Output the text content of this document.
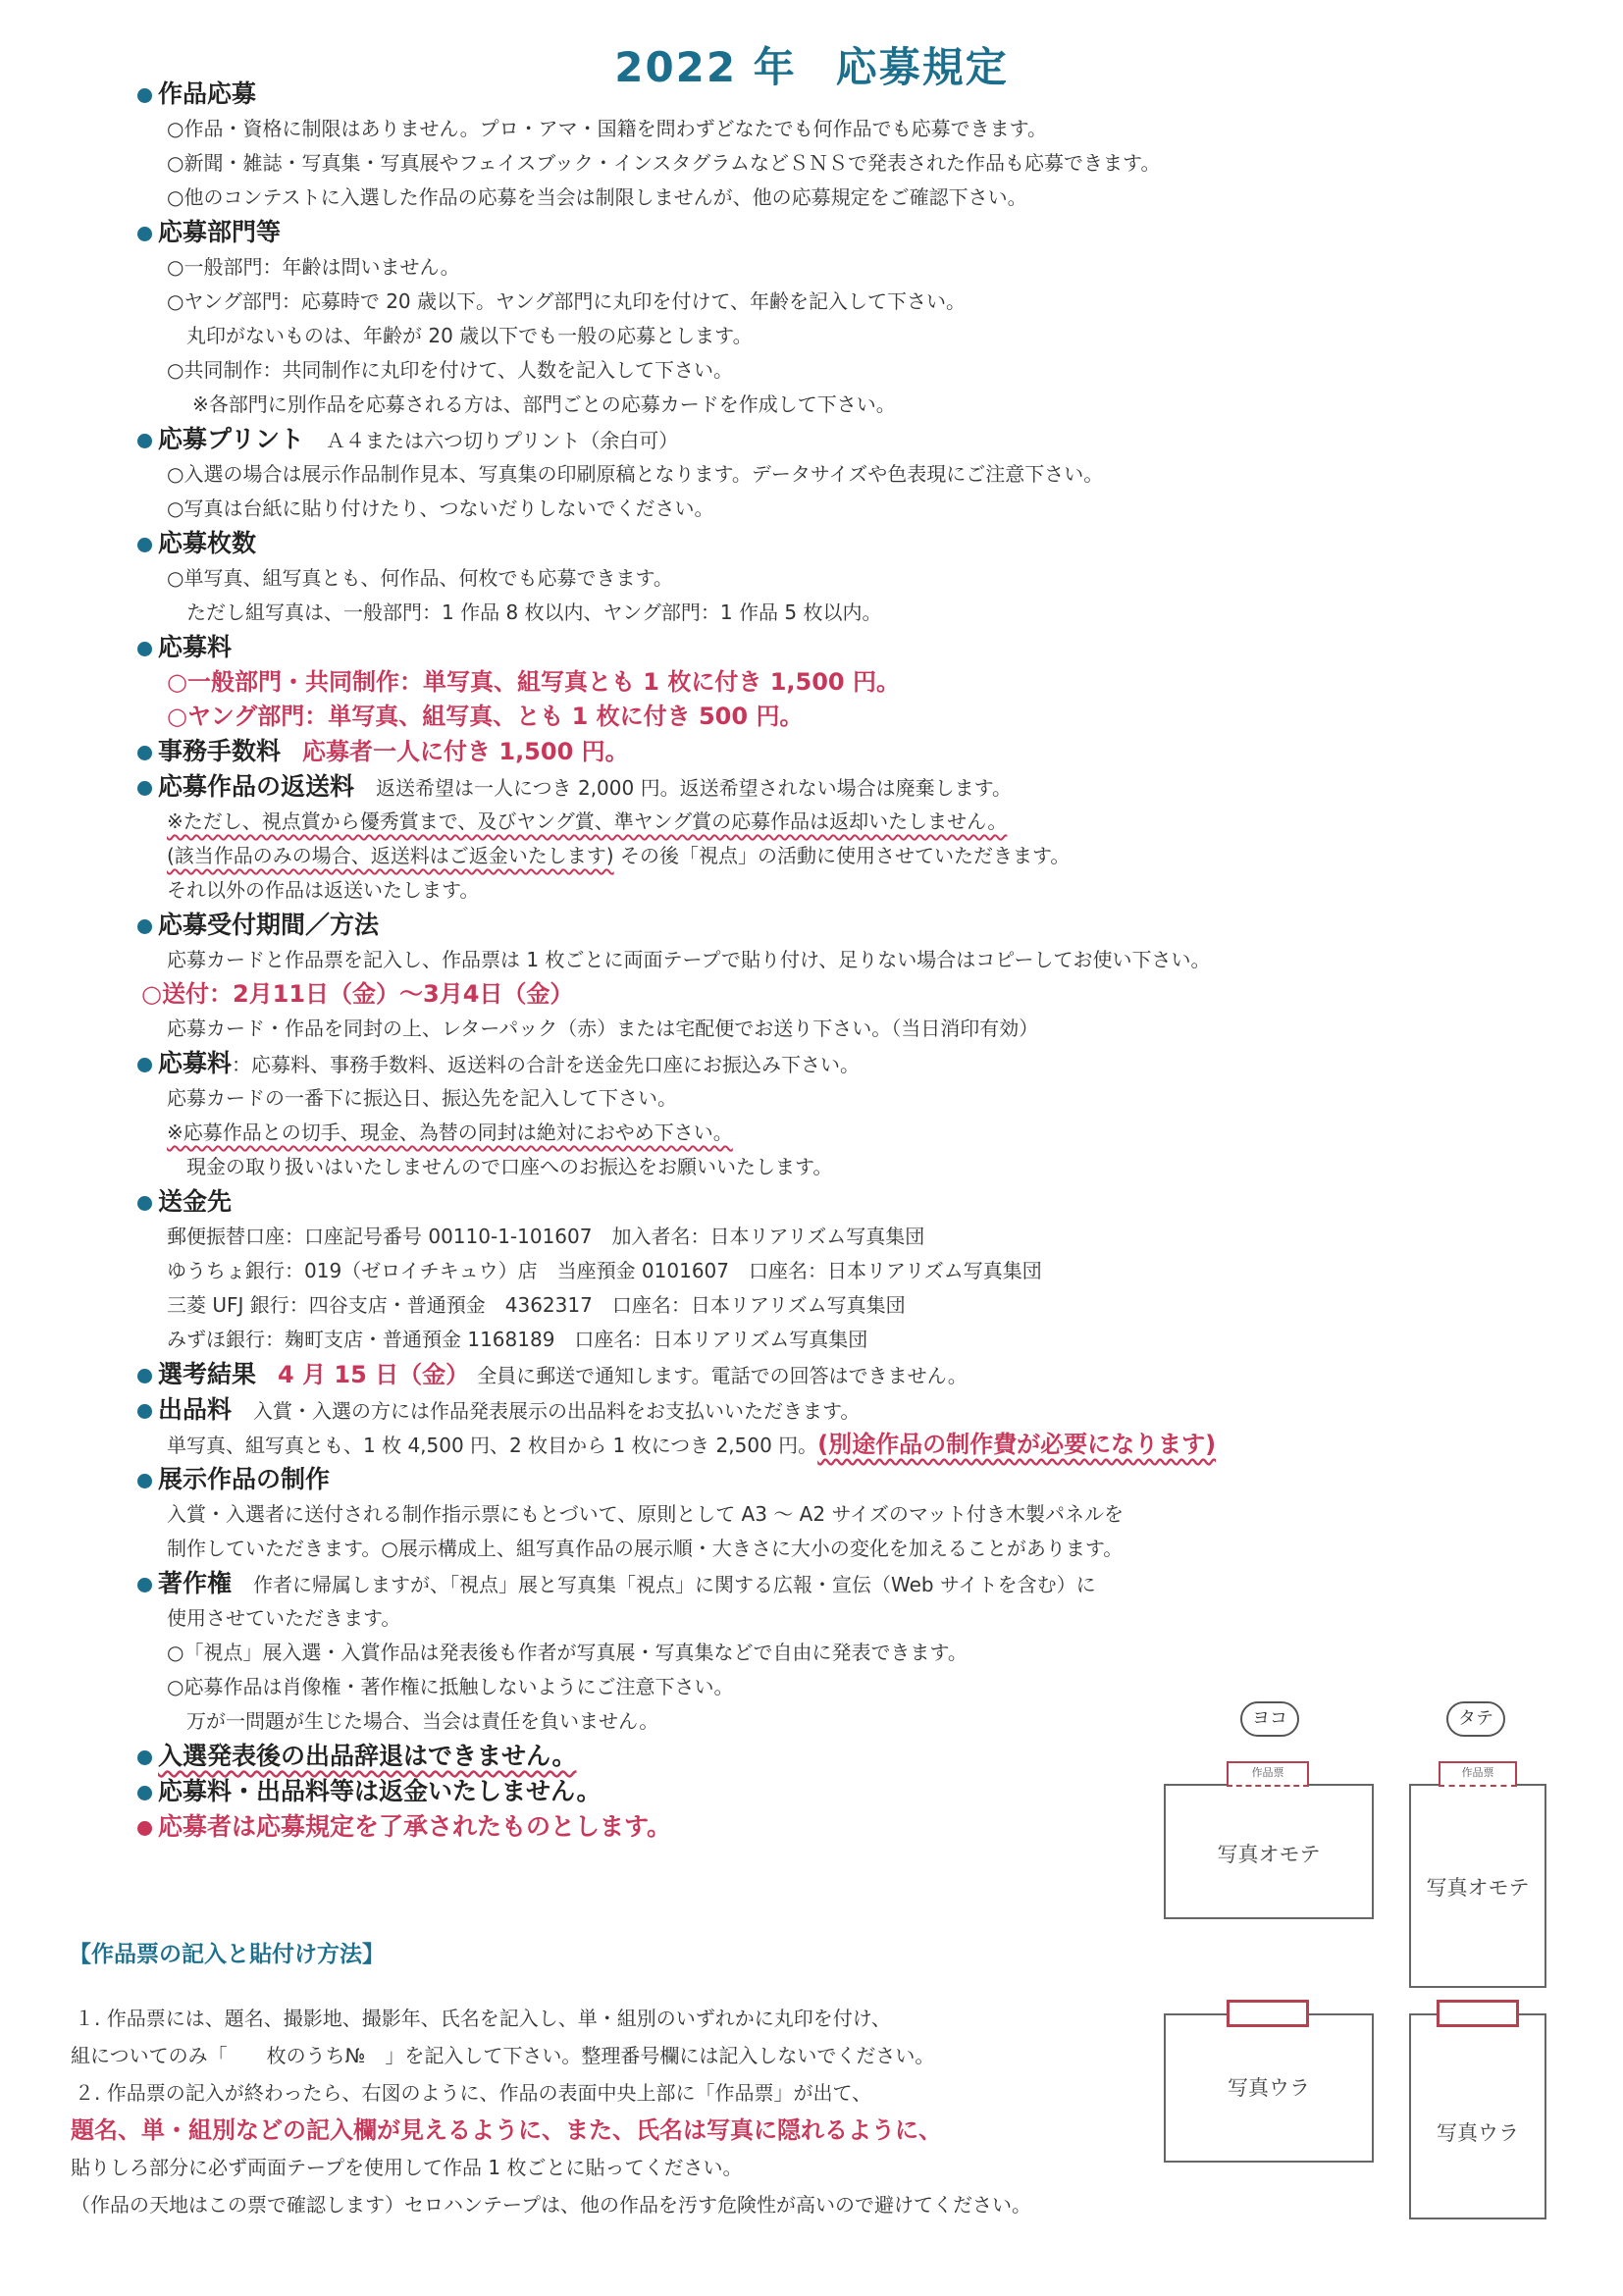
2022 年 応募規定
作品応募
○作品・資格に制限はありません。プロ・アマ・国籍を問わずどなたでも何作品でも応募できます。
○新聞・雑誌・写真集・写真展やフェイスブック・インスタグラムなどＳＮＳで発表された作品も応募できます。
○他のコンテストに入選した作品の応募を当会は制限しませんが、他の応募規定をご確認下さい。
応募部門等
○一般部門：年齢は問いません。
○ヤング部門：応募時で 20 歳以下。ヤング部門に丸印を付けて、年齢を記入して下さい。
丸印がないものは、年齢が 20 歳以下でも一般の応募とします。
○共同制作：共同制作に丸印を付けて、人数を記入して下さい。
※各部門に別作品を応募される方は、部門ごとの応募カードを作成して下さい。
応募プリント Ａ４または六つ切りプリント（余白可）
○入選の場合は展示作品制作見本、写真集の印刷原稿となります。データサイズや色表現にご注意下さい。
○写真は台紙に貼り付けたり、つないだりしないでください。
応募枚数
○単写真、組写真とも、何作品、何枚でも応募できます。
ただし組写真は、一般部門：1 作品 8 枚以内、ヤング部門：1 作品 5 枚以内。
応募料
○一般部門・共同制作：単写真、組写真とも 1 枚に付き 1,500 円。
○ヤング部門：単写真、組写真、とも 1 枚に付き 500 円。
事務手数料 応募者一人に付き 1,500 円。
応募作品の返送料 返送希望は一人につき 2,000 円。返送希望されない場合は廃棄します。
※ただし、視点賞から優秀賞まで、及びヤング賞、準ヤング賞の応募作品は返却いたしません。
(該当作品のみの場合、返送料はご返金いたします) その後「視点」の活動に使用させていただきます。
それ以外の作品は返送いたします。
応募受付期間／方法
応募カードと作品票を記入し、作品票は 1 枚ごとに両面テープで貼り付け、足りない場合はコピーしてお使い下さい。
○送付：2月11日（金）～3月4日（金）
応募カード・作品を同封の上、レターパック（赤）または宅配便でお送り下さい。（当日消印有効）
応募料 ：応募料、事務手数料、返送料の合計を送金先口座にお振込み下さい。
応募カードの一番下に振込日、振込先を記入して下さい。
※応募作品との切手、現金、為替の同封は絶対におやめ下さい。
現金の取り扱いはいたしませんので口座へのお振込をお願いいたします。
送金先
郵便振替口座：口座記号番号 00110-1-101607　加入者名：日本リアリズム写真集団
ゆうちょ銀行：019（ゼロイチキュウ）店　当座預金 0101607　口座名：日本リアリズム写真集団
三菱 UFJ 銀行：四谷支店・普通預金　4362317　口座名：日本リアリズム写真集団
みずほ銀行：麹町支店・普通預金 1168189　口座名：日本リアリズム写真集団
選考結果 4 月 15 日（金） 全員に郵送で通知します。電話での回答はできません。
出品料 入賞・入選の方には作品発表展示の出品料をお支払いいただきます。
単写真、組写真とも、1 枚 4,500 円、2 枚目から 1 枚につき 2,500 円。(別途作品の制作費が必要になります)
展示作品の制作
入賞・入選者に送付される制作指示票にもとづいて、原則として A3 ～ A2 サイズのマット付き木製パネルを
制作していただきます。○展示構成上、組写真作品の展示順・大きさに大小の変化を加えることがあります。
著作権 作者に帰属しますが、「視点」展と写真集「視点」に関する広報・宣伝（Web サイトを含む）に
使用させていただきます。
○「視点」展入選・入賞作品は発表後も作者が写真展・写真集などで自由に発表できます。
○応募作品は肖像権・著作権に抵触しないようにご注意下さい。
万が一問題が生じた場合、当会は責任を負いません。
入選発表後の出品辞退はできません。
応募料・出品料等は返金いたしません。
応募者は応募規定を了承されたものとします。
【作品票の記入と貼付け方法】
１. 作品票には、題名、撮影地、撮影年、氏名を記入し、単・組別のいずれかに丸印を付け、
組についてのみ「　　枚のうち№　」を記入して下さい。整理番号欄には記入しないでください。
２. 作品票の記入が終わったら、右図のように、作品の表面中央上部に「作品票」が出て、
題名、単・組別などの記入欄が見えるように、また、氏名は写真に隠れるように、
貼りしろ部分に必ず両面テープを使用して作品 1 枚ごとに貼ってください。
（作品の天地はこの票で確認します）セロハンテープは、他の作品を汚す危険性が高いので避けてください。
ヨコ	タテ
写真オモテ
作品票
写真オモテ
作品票
写真ウラ
写真ウラ
